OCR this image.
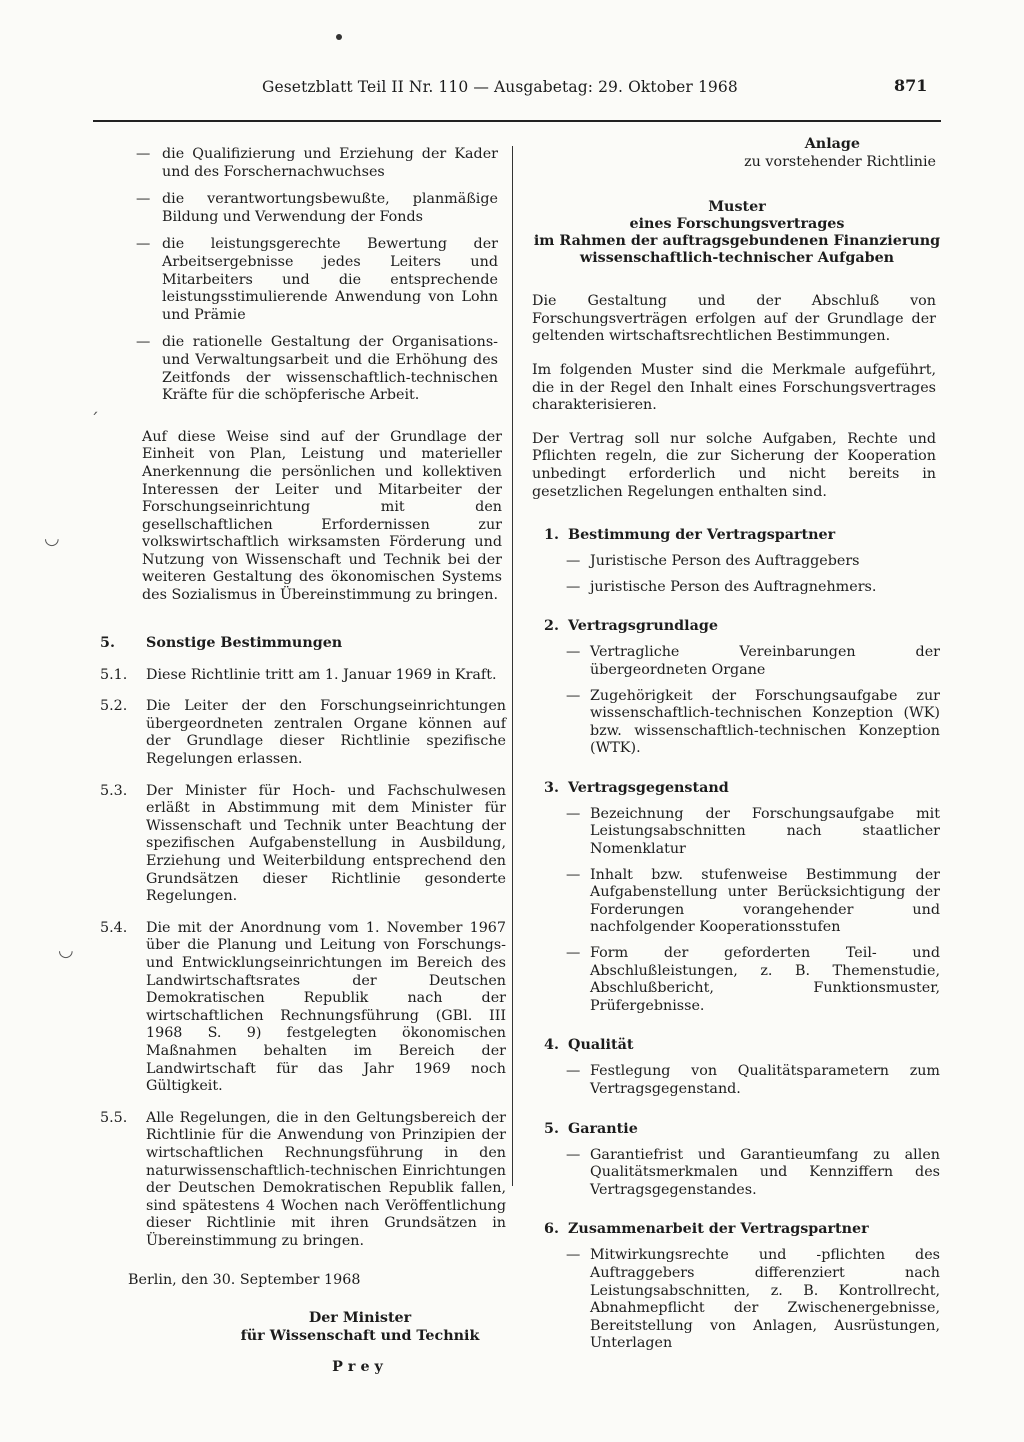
Gesetzblatt Teil II Nr. 110 — Ausgabetag: 29. Oktober 1968	871
ˊ
◡
◡
— die Qualifizierung und Erziehung der Kader und des Forschernachwuchses
— die verantwortungsbewußte, planmäßige Bildung und Verwendung der Fonds
— die leistungsgerechte Bewertung der Arbeitsergebnisse jedes Leiters und Mitarbeiters und die entsprechende leistungsstimulierende Anwendung von Lohn und Prämie
— die rationelle Gestaltung der Organisations- und Verwaltungsarbeit und die Erhöhung des Zeitfonds der wissenschaftlich-technischen Kräfte für die schöpferische Arbeit.
Auf diese Weise sind auf der Grundlage der Einheit von Plan, Leistung und materieller Anerkennung die persönlichen und kollektiven Interessen der Leiter und Mitarbeiter der Forschungseinrichtung mit den gesellschaftlichen Erfordernissen zur volkswirtschaftlich wirksamsten Förderung und Nutzung von Wissenschaft und Technik bei der weiteren Gestaltung des ökonomischen Systems des Sozialismus in Übereinstimmung zu bringen.
5. Sonstige Bestimmungen
5.1. Diese Richtlinie tritt am 1. Januar 1969 in Kraft.
5.2. Die Leiter der den Forschungseinrichtungen übergeordneten zentralen Organe können auf der Grundlage dieser Richtlinie spezifische Regelungen erlassen.
5.3. Der Minister für Hoch- und Fachschulwesen erläßt in Abstimmung mit dem Minister für Wissenschaft und Technik unter Beachtung der spezifischen Aufgabenstellung in Ausbildung, Erziehung und Weiterbildung entsprechend den Grundsätzen dieser Richtlinie gesonderte Regelungen.
5.4. Die mit der Anordnung vom 1. November 1967 über die Planung und Leitung von Forschungs- und Entwicklungseinrichtungen im Bereich des Landwirtschaftsrates der Deutschen Demokratischen Republik nach der wirtschaftlichen Rechnungsführung (GBl. III 1968 S. 9) festgelegten ökonomischen Maßnahmen behalten im Bereich der Landwirtschaft für das Jahr 1969 noch Gültigkeit.
5.5. Alle Regelungen, die in den Geltungsbereich der Richtlinie für die Anwendung von Prinzipien der wirtschaftlichen Rechnungsführung in den naturwissenschaftlich-technischen Einrichtungen der Deutschen Demokratischen Republik fallen, sind spätestens 4 Wochen nach Veröffentlichung dieser Richtlinie mit ihren Grundsätzen in Übereinstimmung zu bringen.
Berlin, den 30. September 1968
Der Minister
für Wissenschaft und Technik
Prey
Anlage
zu vorstehender Richtlinie
Muster
eines Forschungsvertrages
im Rahmen der auftragsgebundenen Finanzierung
wissenschaftlich-technischer Aufgaben
Die Gestaltung und der Abschluß von Forschungsverträgen erfolgen auf der Grundlage der geltenden wirtschaftsrechtlichen Bestimmungen.
Im folgenden Muster sind die Merkmale aufgeführt, die in der Regel den Inhalt eines Forschungsvertrages charakterisieren.
Der Vertrag soll nur solche Aufgaben, Rechte und Pflichten regeln, die zur Sicherung der Kooperation unbedingt erforderlich und nicht bereits in gesetzlichen Regelungen enthalten sind.
1. Bestimmung der Vertragspartner
— Juristische Person des Auftraggebers
— juristische Person des Auftragnehmers.
2. Vertragsgrundlage
— Vertragliche Vereinbarungen der übergeordneten Organe
— Zugehörigkeit der Forschungsaufgabe zur wissenschaftlich-technischen Konzeption (WK) bzw. wissenschaftlich-technischen Konzeption (WTK).
3. Vertragsgegenstand
— Bezeichnung der Forschungsaufgabe mit Leistungsabschnitten nach staatlicher Nomenklatur
— Inhalt bzw. stufenweise Bestimmung der Aufgabenstellung unter Berücksichtigung der Forderungen vorangehender und nachfolgender Kooperationsstufen
— Form der geforderten Teil- und Abschlußleistungen, z. B. Themenstudie, Abschlußbericht, Funktionsmuster, Prüfergebnisse.
4. Qualität
— Festlegung von Qualitätsparametern zum Vertragsgegenstand.
5. Garantie
— Garantiefrist und Garantieumfang zu allen Qualitätsmerkmalen und Kennziffern des Vertragsgegenstandes.
6. Zusammenarbeit der Vertragspartner
— Mitwirkungsrechte und -pflichten des Auftraggebers differenziert nach Leistungsabschnitten, z. B. Kontrollrecht, Abnahmepflicht der Zwischenergebnisse, Bereitstellung von Anlagen, Ausrüstungen, Unterlagen
